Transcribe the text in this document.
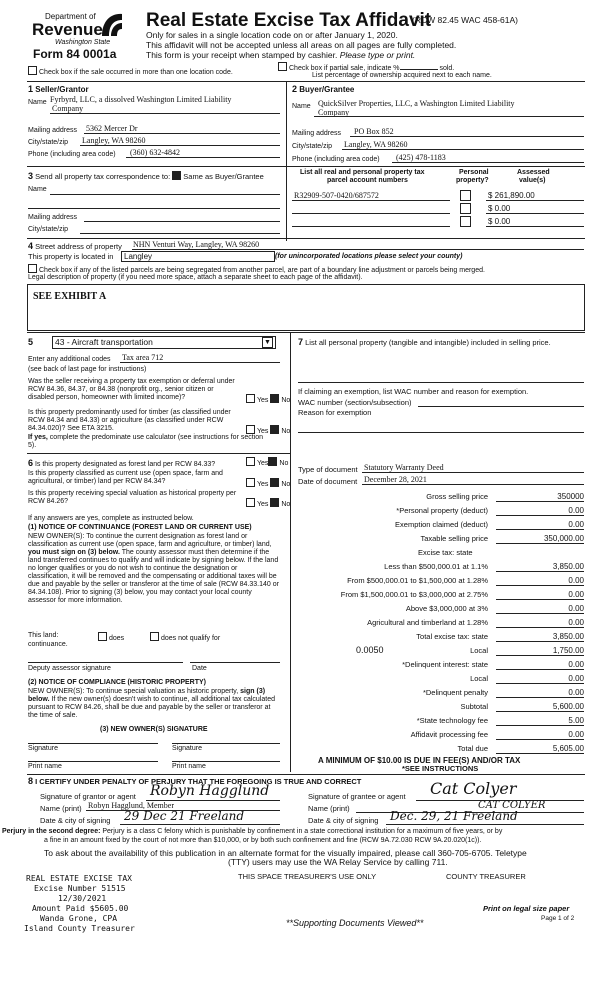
Department of
Revenue
Washington State
Form 84 0001a
Real Estate Excise Tax Affidavit
(RCW 82.45 WAC 458-61A)
Only for sales in a single location code on or after January 1, 2020.
This affidavit will not be accepted unless all areas on all pages are fully completed.
This form is your receipt when stamped by cashier. Please type or print.
Check box if the sale occurred in more than one location code.
Check box if partial sale, indicate %	sold.
List percentage of ownership acquired next to each name.
1 Seller/Grantor
Name Fyrbyrd, LLC, a dissolved Washington Limited Liability
Company
Mailing address 5362 Mercer Dr
City/state/zip Langley, WA 98260
Phone (including area code) (360) 632-4842
2 Buyer/Grantee
Name QuickSilver Properties, LLC, a Washington Limited Liability
Company
Mailing address PO Box 852
City/state/zip Langley, WA 98260
Phone (including area code) (425) 478-1183
3 Send all property tax correspondence to: Same as Buyer/Grantee
Name
Mailing address
City/state/zip
List all real and personal property tax
parcel account numbers
Personal
property?
Assessed
value(s)
R32909-507-0420/687572	$ 261,890.00
$ 0.00
$ 0.00
4 Street address of property NHN Venturi Way, Langley, WA 98260
This property is located in	Langley	(for unincorporated locations please select your county)
Check box if any of the listed parcels are being segregated from another parcel, are part of a boundary line adjustment or parcels being merged.
Legal description of property (if you need more space, attach a separate sheet to each page of the affidavit).
SEE EXHIBIT A
5	43 - Aircraft transportation	▼
Enter any additional codes Tax area 712
(see back of last page for instructions)
Was the seller receiving a property tax exemption or deferral under RCW 84.36, 84.37, or 84.38 (nonprofit org., senior citizen or disabled person, homeowner with limited income)?	Yes No
Is this property predominantly used for timber (as classified under RCW 84.34 and 84.33) or agriculture (as classified under RCW 84.34.020)? See ETA 3215.	Yes No
If yes, complete the predominate use calculator (see instructions for section 5).
6 Is this property designated as forest land per RCW 84.33?	Yes No
Is this property classified as current use (open space, farm and agricultural, or timber) land per RCW 84.34?	Yes No
Is this property receiving special valuation as historical property per RCW 84.26?	Yes No
If any answers are yes, complete as instructed below.
(1) NOTICE OF CONTINUANCE (FOREST LAND OR CURRENT USE)
NEW OWNER(S): To continue the current designation as forest land or classification as current use (open space, farm and agriculture, or timber) land, you must sign on (3) below. The county assessor must then determine if the land transferred continues to qualify and will indicate by signing below. If the land no longer qualifies or you do not wish to continue the designation or classification, it will be removed and the compensating or additional taxes will be due and payable by the seller or transferor at the time of sale (RCW 84.33.140 or 84.34.108). Prior to signing (3) below, you may contact your local county assessor for more information.
This land:	does	does not qualify for
continuance.
Deputy assessor signature	Date
(2) NOTICE OF COMPLIANCE (HISTORIC PROPERTY)
NEW OWNER(S): To continue special valuation as historic property, sign (3) below. If the new owner(s) doesn't wish to continue, all additional tax calculated pursuant to RCW 84.26, shall be due and payable by the seller or transferor at the time of sale.
(3) NEW OWNER(S) SIGNATURE
Signature	Signature
Print name	Print name
7 List all personal property (tangible and intangible) included in selling price.
If claiming an exemption, list WAC number and reason for exemption.
WAC number (section/subsection)
Reason for exemption
Type of document Statutory Warranty Deed
Date of document December 28, 2021
Gross selling price	350000
*Personal property (deduct)	0.00
Exemption claimed (deduct)	0.00
Taxable selling price	350,000.00
Excise tax: state
Less than $500,000.01 at 1.1%	3,850.00
From $500,000.01 to $1,500,000 at 1.28%	0.00
From $1,500,000.01 to $3,000,000 at 2.75%	0.00
Above $3,000,000 at 3%	0.00
Agricultural and timberland at 1.28%	0.00
Total excise tax: state	3,850.00
0.0050	Local	1,750.00
*Delinquent interest: state	0.00
Local	0.00
*Delinquent penalty	0.00
Subtotal	5,600.00
*State technology fee	5.00
Affidavit processing fee	0.00
Total due	5,605.00
A MINIMUM OF $10.00 IS DUE IN FEE(S) AND/OR TAX
*SEE INSTRUCTIONS
8 I CERTIFY UNDER PENALTY OF PERJURY THAT THE FOREGOING IS TRUE AND CORRECT
Signature of grantor or agent Robyn Hagglund
Name (print) Robyn Hagglund, Member
Date & city of signing 29 Dec 21 Freeland
Signature of grantee or agent Cat Colyer
Name (print)	CAT COLYER
Date & city of signing Dec. 29, 21 Freeland
Perjury in the second degree: Perjury is a class C felony which is punishable by confinement in a state correctional institution for a maximum of five years, or by
a fine in an amount fixed by the court of not more than $10,000, or by both such confinement and fine (RCW 9A.72.030 RCW 9A.20.020(1c)).
To ask about the availability of this publication in an alternate format for the visually impaired, please call 360-705-6705. Teletype
(TTY) users may use the WA Relay Service by calling 711.
THIS SPACE TREASURER'S USE ONLY	COUNTY TREASURER
REAL ESTATE EXCISE TAX
Excise Number 51515
12/30/2021
Amount Paid $5605.00
Wanda Grone, CPA
Island County Treasurer
Print on legal size paper
Page 1 of 2
**Supporting Documents Viewed**
